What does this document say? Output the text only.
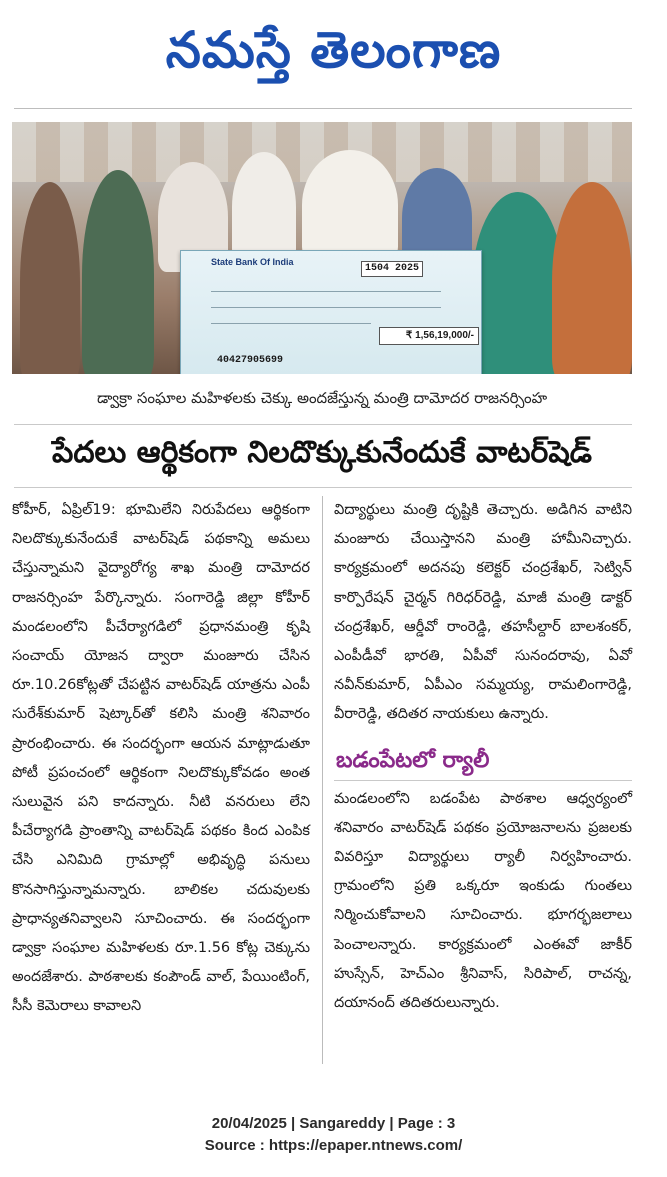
నమస్తే తెలంగాణ
State Bank Of India
1504 2025
₹ 1,56,19,000/-
40427905699
డ్వాక్రా సంఘాల మహిళలకు చెక్కు అందజేస్తున్న మంత్రి దామోదర రాజనర్సింహ
పేదలు ఆర్థికంగా నిలదొక్కుకునేందుకే వాటర్‌షెడ్

కోహీర్‌, ఏప్రిల్‌19: భూమిలేని నిరుపేదలు ఆర్థికంగా నిలదొక్కుకునేందుకే వాటర్‌షెడ్‌ పథకాన్ని అమలు చేస్తున్నామని వైద్యారోగ్య శాఖ మంత్రి దామోదర రాజనర్సింహ పేర్కొన్నారు. సంగారెడ్డి జిల్లా కోహీర్‌ మండలంలోని పీచేర్యాగడిలో ప్రధానమంత్రి కృషి సంచాయ్‌ యోజన ద్వారా మంజూరు చేసిన రూ.10.26కోట్లతో చేపట్టిన వాటర్‌షెడ్‌ యాత్రను ఎంపీ సురేశ్‌కుమార్‌ షెట్కార్‌తో కలిసి మంత్రి శనివారం ప్రారంభించారు. ఈ సందర్భంగా ఆయన మాట్లాడుతూ పోటీ ప్రపంచంలో ఆర్థికంగా నిలదొక్కుకోవడం అంత సులువైన పని కాదన్నారు. నీటి వనరులు లేని పీచేర్యాగడి ప్రాంతాన్ని వాటర్‌షెడ్‌ పథకం కింద ఎంపిక చేసి ఎనిమిది గ్రామాల్లో అభివృద్ధి పనులు కొనసాగిస్తున్నామన్నారు. బాలికల చదువులకు ప్రాధాన్యతనివ్వాలని సూచించారు. ఈ సందర్భంగా డ్వాక్రా సంఘాల మహిళలకు రూ.1.56 కోట్ల చెక్కును అందజేశారు. పాఠశాలకు కంపౌండ్‌ వాల్‌, పేయింటింగ్‌, సీసీ కెమెరాలు కావాలని

విద్యార్థులు మంత్రి దృష్టికి తెచ్చారు. అడిగిన వాటిని మంజూరు చేయిస్తానని మంత్రి హామీనిచ్చారు. కార్యక్రమంలో అదనపు కలెక్టర్‌ చంద్రశేఖర్‌, సెట్విన్‌ కార్పొరేషన్‌ చైర్మన్‌ గిరిధర్‌రెడ్డి, మాజీ మంత్రి డాక్టర్‌ చంద్రశేఖర్‌, ఆర్డీవో రాంరెడ్డి, తహసీల్దార్‌ బాలశంకర్‌, ఎంపీడీవో భారతి, ఏపీవో సునందరావు, ఏవో నవీన్‌కుమార్‌, ఏపీఎం సమ్మయ్య, రామలింగారెడ్డి, వీరారెడ్డి, తదితర నాయకులు ఉన్నారు.

బడంపేటలో ర్యాలీ

మండలంలోని బడంపేట పాఠశాల ఆధ్వర్యంలో శనివారం వాటర్‌షెడ్‌ పథకం ప్రయోజనాలను ప్రజలకు వివరిస్తూ విద్యార్థులు ర్యాలీ నిర్వహించారు. గ్రామంలోని ప్రతి ఒక్కరూ ఇంకుడు గుంతలు నిర్మించుకోవాలని సూచించారు. భూగర్భజలాలు పెంచాలన్నారు. కార్యక్రమంలో ఎంఈవో జాకీర్‌ హుస్సేన్‌, హెచ్‌ఎం శ్రీనివాస్‌, సిరిపాల్‌, రాచన్న, దయానంద్‌ తదితరులున్నారు.

20/04/2025 | Sangareddy | Page : 3
Source : https://epaper.ntnews.com/
